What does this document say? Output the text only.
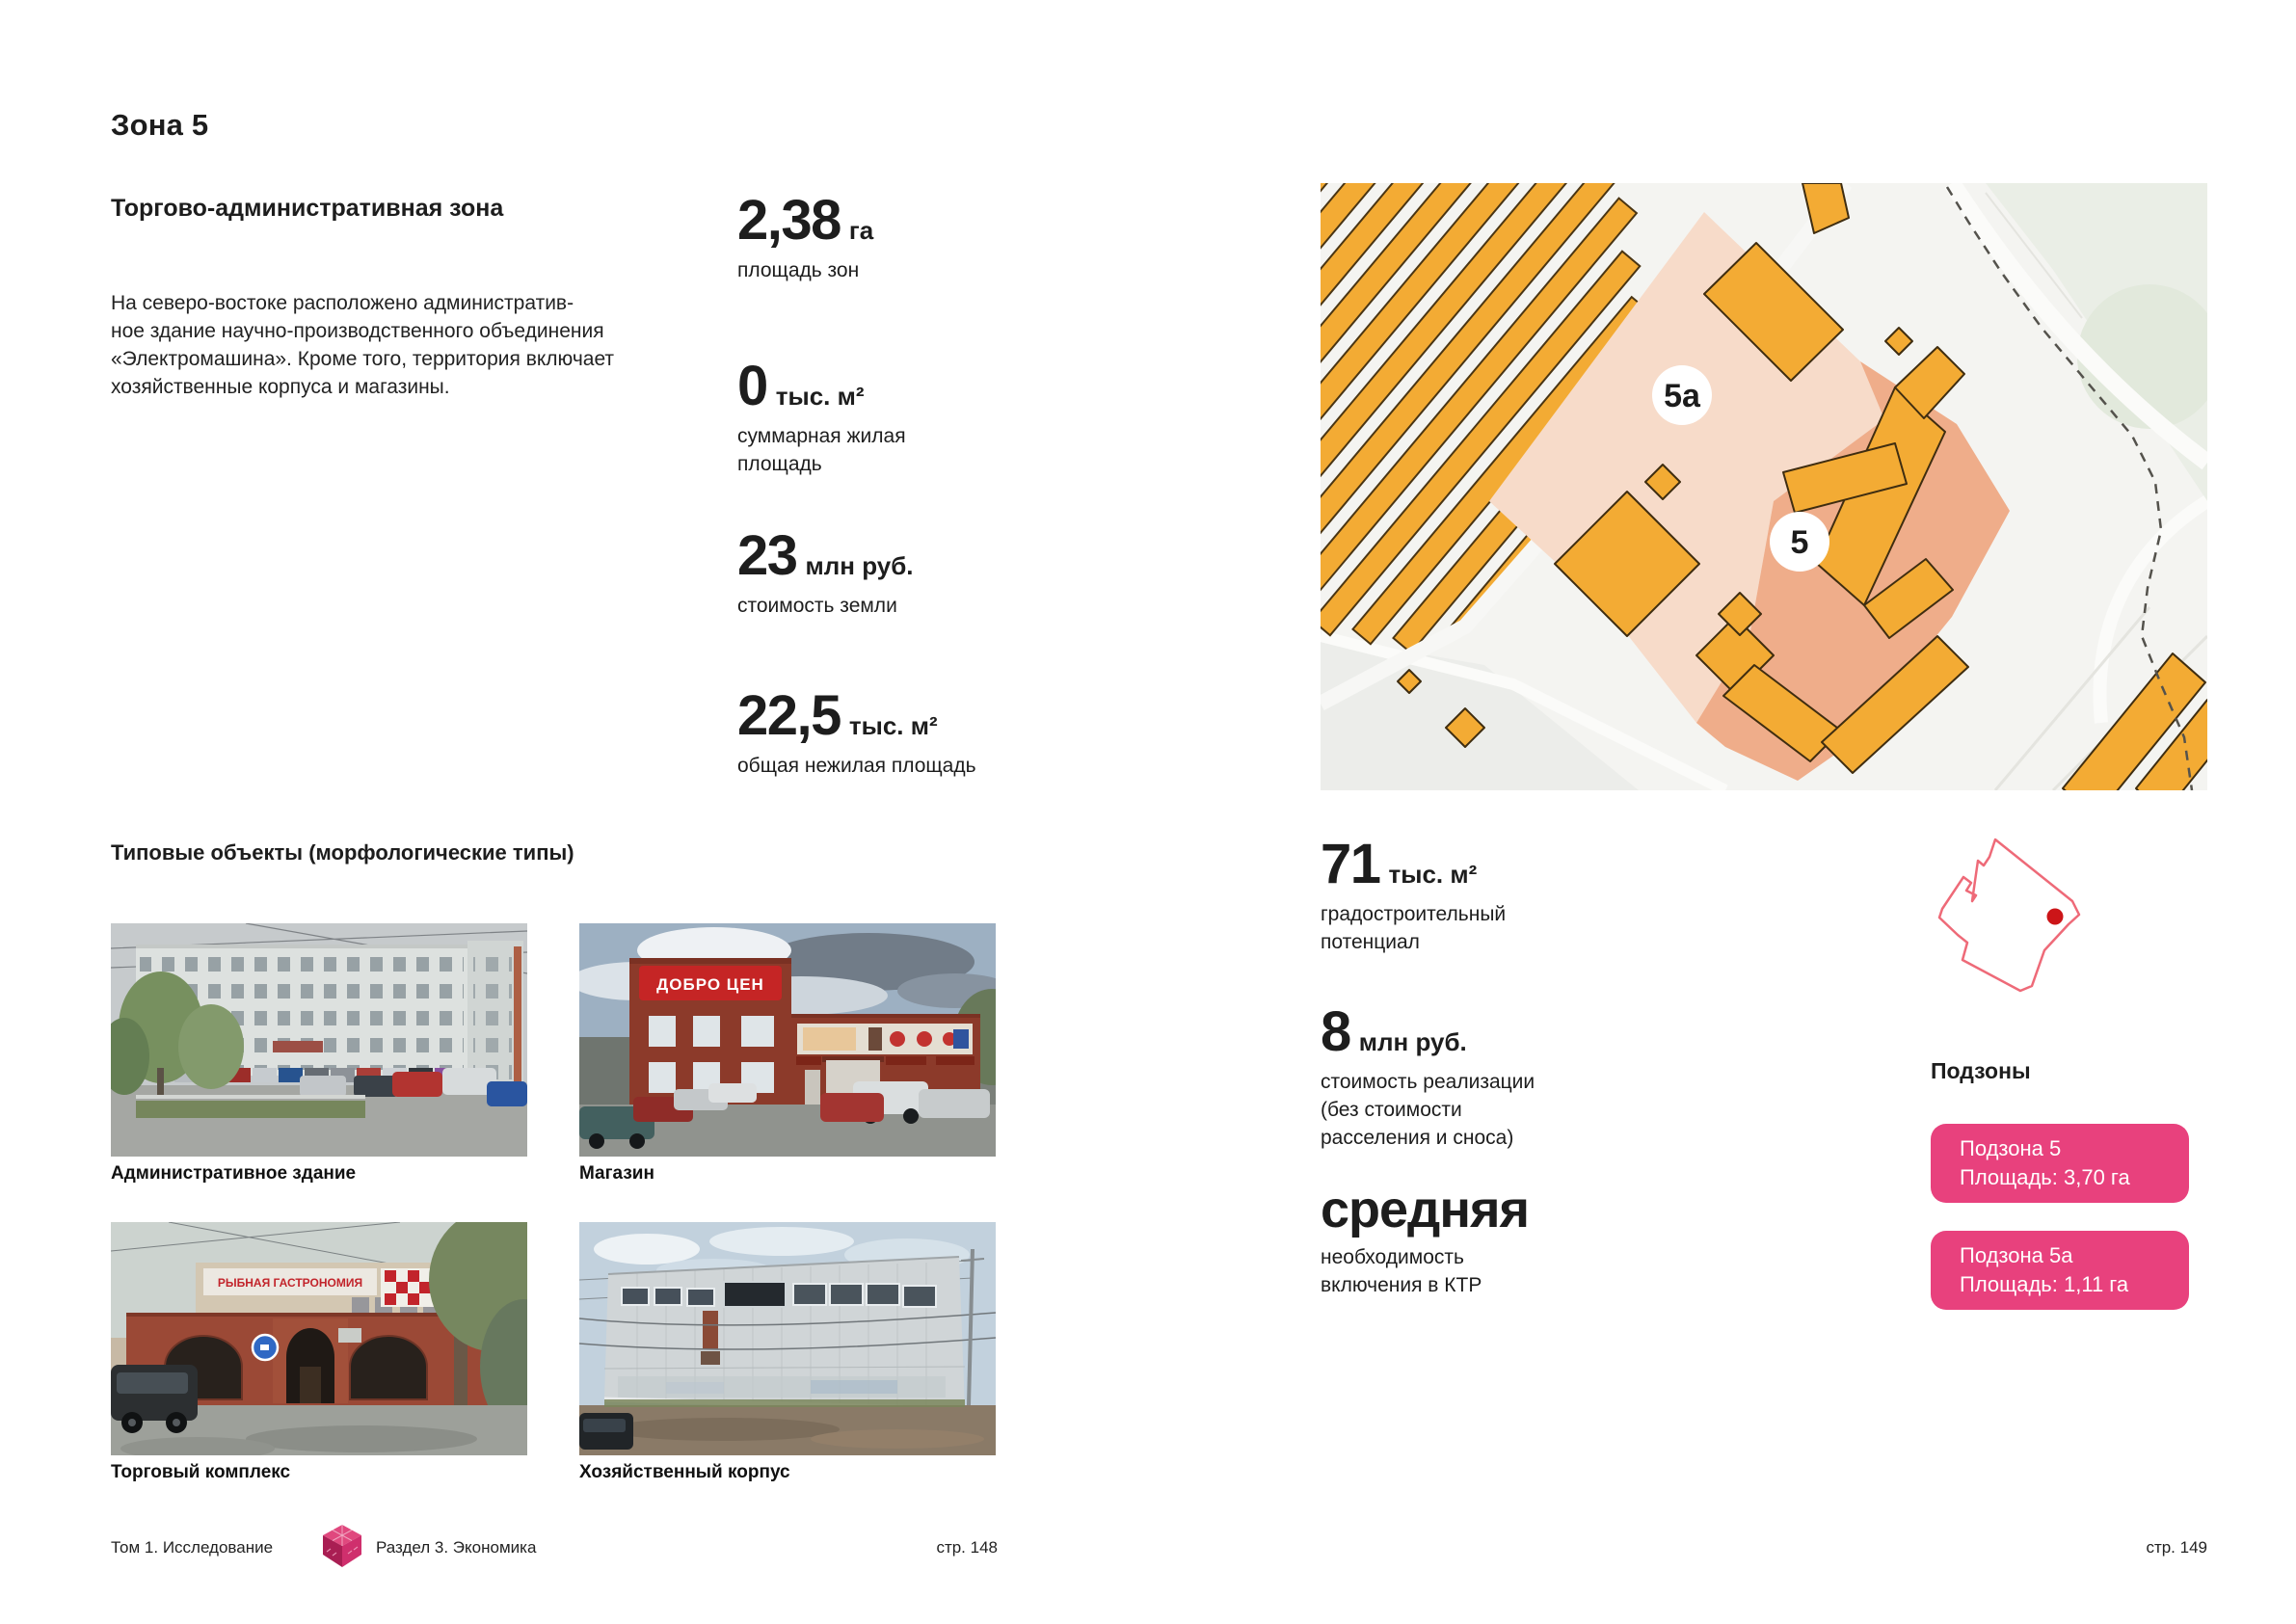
Зона 5
Торгово-административная зона
На северо-востоке расположено административ-
ное здание научно-производственного объединения
«Электромашина». Кроме того, территория включает
хозяйственные корпуса и магазины.
2,38 га
площадь зон
0 тыс. м²
суммарная жилая площадь
23 млн руб.
стоимость земли
22,5 тыс. м²
общая нежилая площадь
Типовые объекты (морфологические типы)
ДОБРО ЦЕН
Административное здание	Магазин
РЫБНАЯ ГАСТРОНОМИЯ
Торговый комплекс	Хозяйственный корпус
5а
5
71 тыс. м²
градостроительный потенциал
8 млн руб.
стоимость реализации (без стоимости расселения и сноса)
средняя
необходимость включения в КТР
Подзоны
Подзона 5
Площадь: 3,70 га
Подзона 5а
Площадь: 1,11 га
Том 1. Исследование	Раздел 3. Экономика	стр. 148	стр. 149
